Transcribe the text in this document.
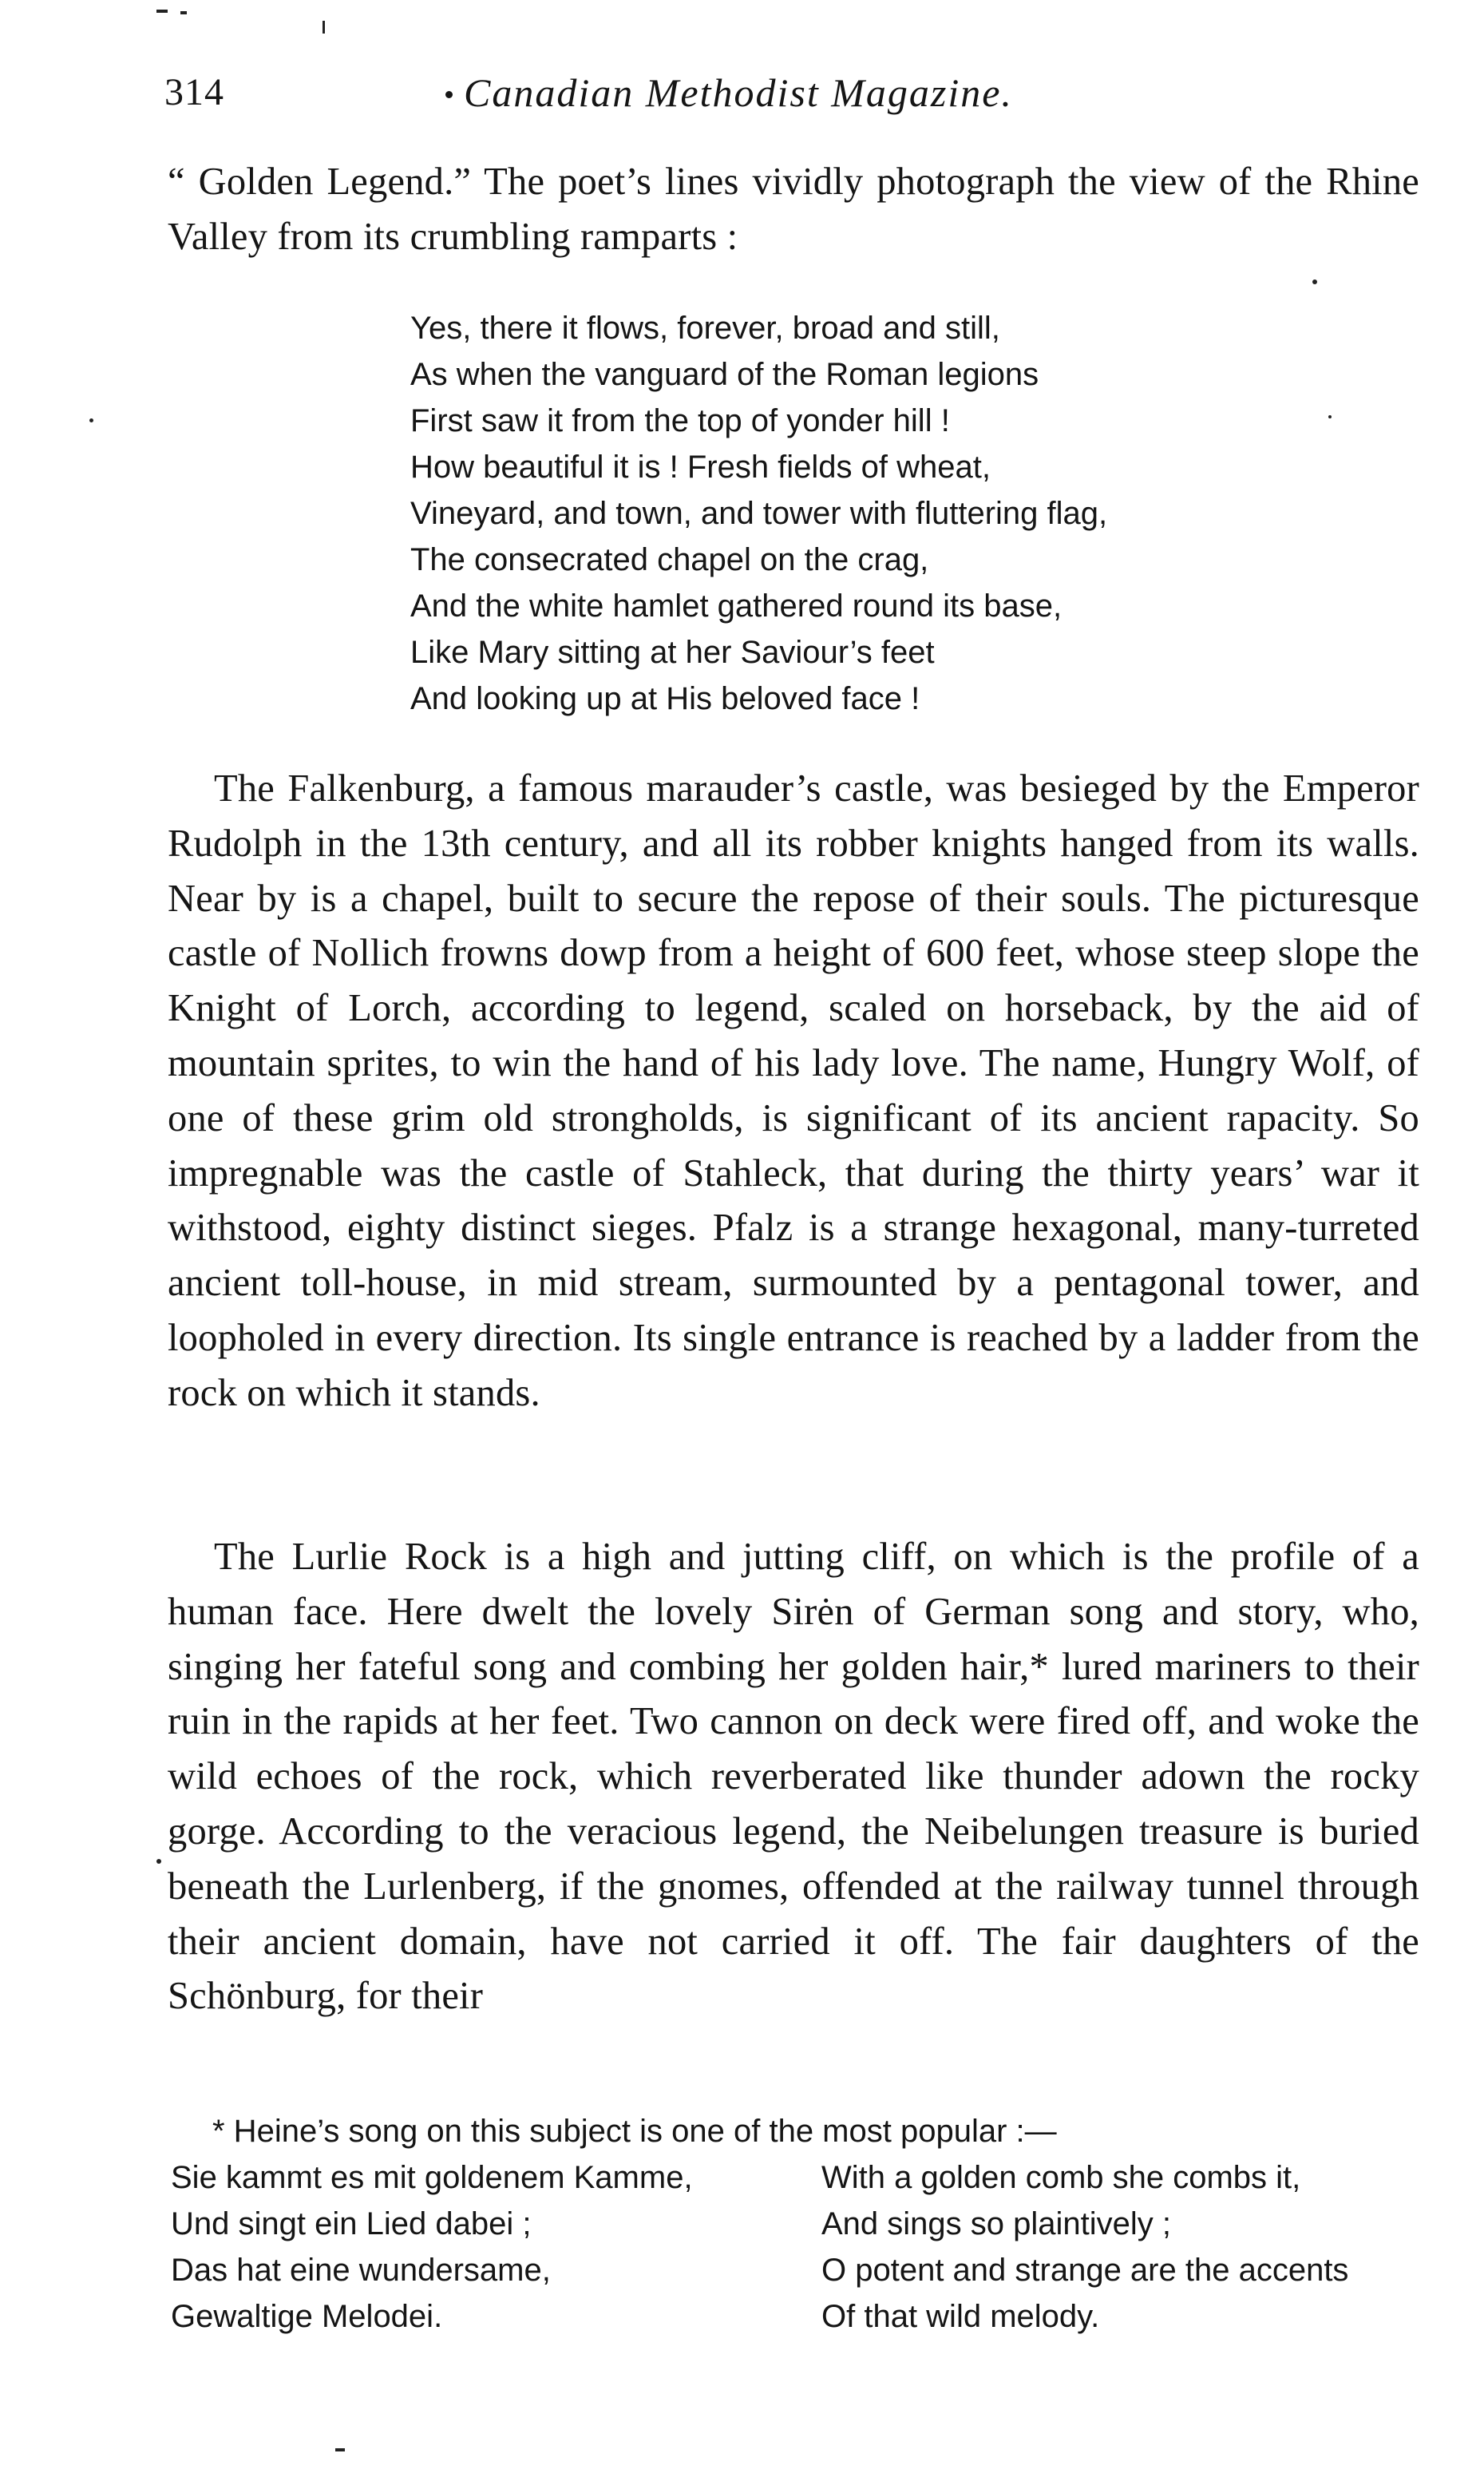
314	Canadian Methodist Magazine.

“ Golden Legend.” The poet’s lines vividly photograph the view of the Rhine Valley from its crumbling ramparts :

Yes, there it flows, forever, broad and still,
As when the vanguard of the Roman legions
First saw it from the top of yonder hill !
How beautiful it is ! Fresh fields of wheat,
Vineyard, and town, and tower with fluttering flag,
The consecrated chapel on the crag,
And the white hamlet gathered round its base,
Like Mary sitting at her Saviour’s feet
And looking up at His beloved face !

The Falkenburg, a famous marauder’s castle, was besieged by the Emperor Rudolph in the 13th century, and all its robber knights hanged from its walls. Near by is a chapel, built to secure the repose of their souls. The picturesque castle of Nollich frowns dowp from a height of 600 feet, whose steep slope the Knight of Lorch, according to legend, scaled on horseback, by the aid of mountain sprites, to win the hand of his lady love. The name, Hungry Wolf, of one of these grim old strongholds, is significant of its ancient rapacity. So impregnable was the castle of Stahleck, that during the thirty years’ war it withstood, eighty distinct sieges. Pfalz is a strange hexagonal, many-turreted ancient toll-house, in mid stream, surmounted by a pentagonal tower, and loopholed in every direction. Its single entrance is reached by a ladder from the rock on which it stands.

The Lurlie Rock is a high and jutting cliff, on which is the profile of a human face. Here dwelt the lovely Sirėn of German song and story, who, singing her fateful song and combing her golden hair,* lured mariners to their ruin in the rapids at her feet. Two cannon on deck were fired off, and woke the wild echoes of the rock, which reverberated like thunder adown the rocky gorge. According to the veracious legend, the Neibelungen treasure is buried beneath the Lurlenberg, if the gnomes, offended at the railway tunnel through their ancient domain, have not carried it off. The fair daughters of the Schönburg, for their

* Heine’s song on this subject is one of the most popular :—
Sie kammt es mit goldenem Kamme,	With a golden comb she combs it,
Und singt ein Lied dabei ;	And sings so plaintively ;
Das hat eine wundersame,	O potent and strange are the accents
Gewaltige Melodei.	Of that wild melody.
